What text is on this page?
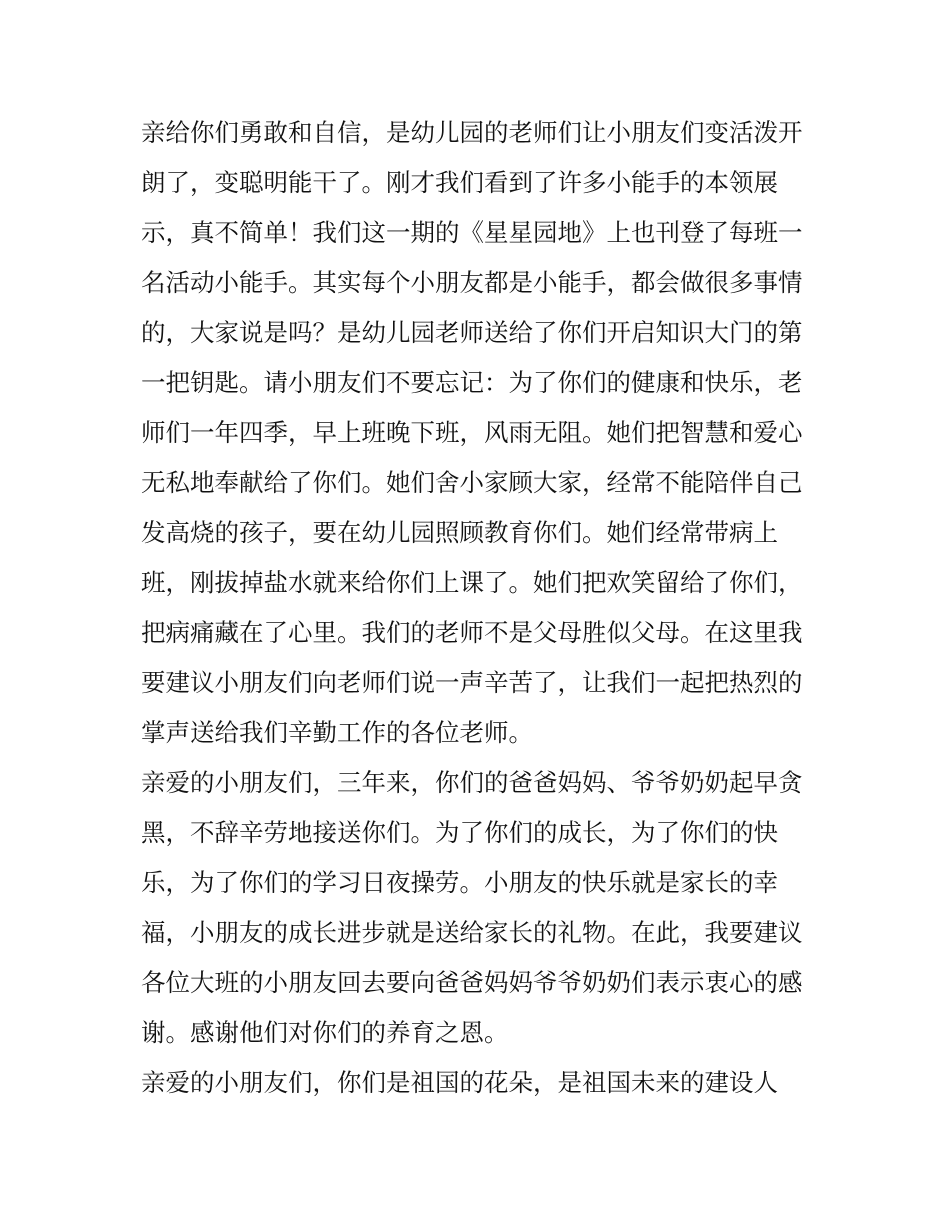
亲给你们勇敢和自信，是幼儿园的老师们让小朋友们变活泼开
朗了，变聪明能干了。刚才我们看到了许多小能手的本领展
示，真不简单！我们这一期的《星星园地》上也刊登了每班一
名活动小能手。其实每个小朋友都是小能手，都会做很多事情
的，大家说是吗？是幼儿园老师送给了你们开启知识大门的第
一把钥匙。请小朋友们不要忘记：为了你们的健康和快乐，老
师们一年四季，早上班晚下班，风雨无阻。她们把智慧和爱心
无私地奉献给了你们。她们舍小家顾大家，经常不能陪伴自己
发高烧的孩子，要在幼儿园照顾教育你们。她们经常带病上
班，刚拔掉盐水就来给你们上课了。她们把欢笑留给了你们，
把病痛藏在了心里。我们的老师不是父母胜似父母。在这里我
要建议小朋友们向老师们说一声辛苦了，让我们一起把热烈的
掌声送给我们辛勤工作的各位老师。
亲爱的小朋友们，三年来，你们的爸爸妈妈、爷爷奶奶起早贪
黑，不辞辛劳地接送你们。为了你们的成长，为了你们的快
乐，为了你们的学习日夜操劳。小朋友的快乐就是家长的幸
福，小朋友的成长进步就是送给家长的礼物。在此，我要建议
各位大班的小朋友回去要向爸爸妈妈爷爷奶奶们表示衷心的感
谢。感谢他们对你们的养育之恩。
亲爱的小朋友们，你们是祖国的花朵，是祖国未来的建设人
